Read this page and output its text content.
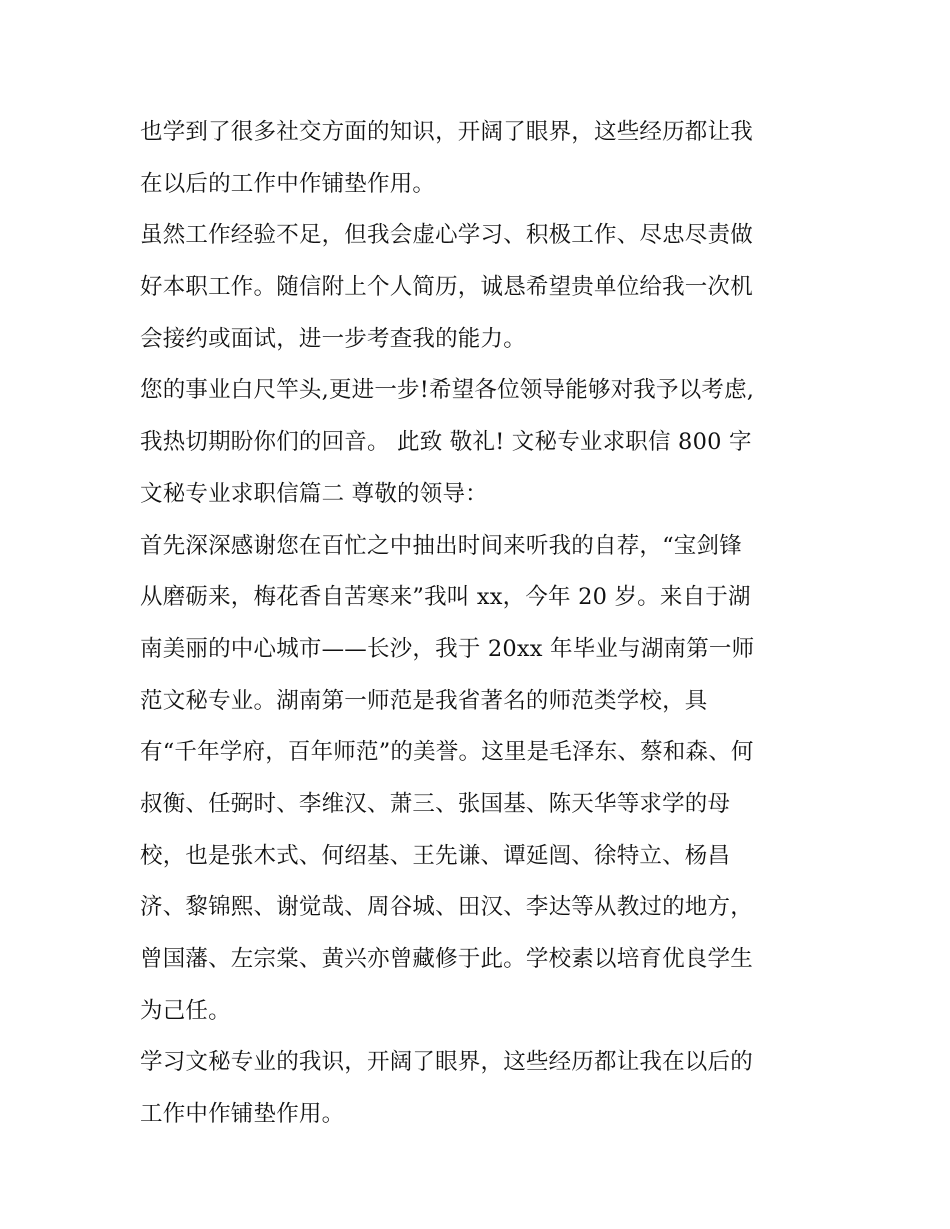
也学到了很多社交方面的知识，开阔了眼界，这些经历都让我
在以后的工作中作铺垫作用。
虽然工作经验不足，但我会虚心学习、积极工作、尽忠尽责做
好本职工作。随信附上个人简历，诚恳希望贵单位给我一次机
会接约或面试，进一步考查我的能力。
您的事业白尺竿头,更进一步!希望各位领导能够对我予以考虑,
我热切期盼你们的回音。 此致 敬礼! 文秘专业求职信 800 字
文秘专业求职信篇二 尊敬的领导：
首先深深感谢您在百忙之中抽出时间来听我的自荐，“宝剑锋
从磨砺来，梅花香自苦寒来”我叫 xx，今年 20 岁。来自于湖
南美丽的中心城市——长沙，我于 20xx 年毕业与湖南第一师
范文秘专业。湖南第一师范是我省著名的师范类学校，具
有“千年学府，百年师范”的美誉。这里是毛泽东、蔡和森、何
叔衡、任弼时、李维汉、萧三、张国基、陈天华等求学的母
校，也是张木式、何绍基、王先谦、谭延闿、徐特立、杨昌
济、黎锦熙、谢觉哉、周谷城、田汉、李达等从教过的地方，
曾国藩、左宗棠、黄兴亦曾藏修于此。学校素以培育优良学生
为己任。
学习文秘专业的我识，开阔了眼界，这些经历都让我在以后的
工作中作铺垫作用。
